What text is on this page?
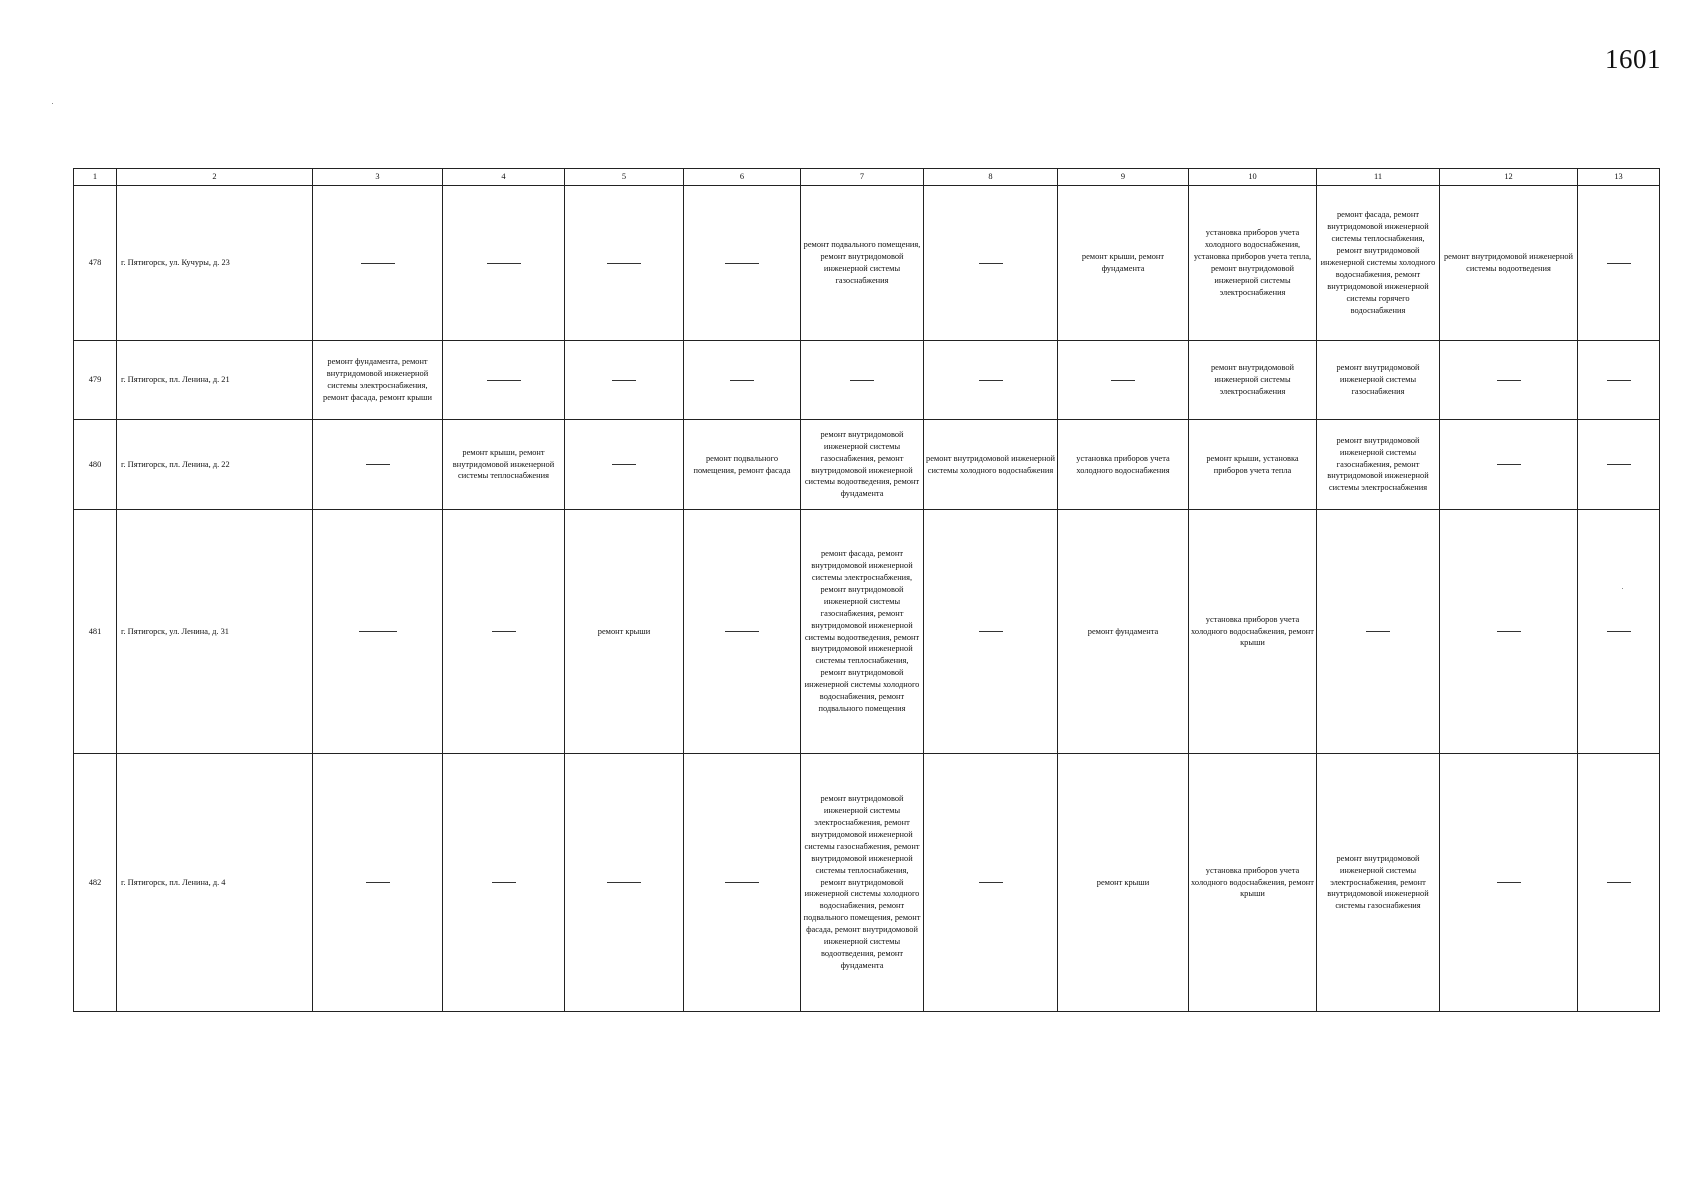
1601
1	2	3	4	5	6	7	8	9	10	11	12	13
478	г. Пятигорск, ул. Кучуры, д. 23					ремонт подвального помещения, ремонт внутридомовой инженерной системы газоснабжения		ремонт крыши, ремонт фундамента	установка приборов учета холодного водоснабжения, установка приборов учета тепла, ремонт внутридомовой инженерной системы электроснабжения	ремонт фасада, ремонт внутридомовой инженерной системы теплоснабжения, ремонт внутридомовой инженерной системы холодного водоснабжения, ремонт внутридомовой инженерной системы горячего водоснабжения	ремонт внутридомовой инженерной системы водоотведения	
479	г. Пятигорск, пл. Ленина, д. 21	ремонт фундамента, ремонт внутридомовой инженерной системы электроснабжения, ремонт фасада, ремонт крыши							ремонт внутридомовой инженерной системы электроснабжения	ремонт внутридомовой инженерной системы газоснабжения		
480	г. Пятигорск, пл. Ленина, д. 22		ремонт крыши, ремонт внутридомовой инженерной системы теплоснабжения		ремонт подвального помещения, ремонт фасада	ремонт внутридомовой инженерной системы газоснабжения, ремонт внутридомовой инженерной системы водоотведения, ремонт фундамента	ремонт внутридомовой инженерной системы холодного водоснабжения	установка приборов учета холодного водоснабжения	ремонт крыши, установка приборов учета тепла	ремонт внутридомовой инженерной системы газоснабжения, ремонт внутридомовой инженерной системы электроснабжения		
481	г. Пятигорск, ул. Ленина, д. 31			ремонт крыши		ремонт фасада, ремонт внутридомовой инженерной системы электроснабжения, ремонт внутридомовой инженерной системы газоснабжения, ремонт внутридомовой инженерной системы водоотведения, ремонт внутридомовой инженерной системы теплоснабжения, ремонт внутридомовой инженерной системы холодного водоснабжения, ремонт подвального помещения		ремонт фундамента	установка приборов учета холодного водоснабжения, ремонт крыши			
482	г. Пятигорск, пл. Ленина, д. 4					ремонт внутридомовой инженерной системы электроснабжения, ремонт внутридомовой инженерной системы газоснабжения, ремонт внутридомовой инженерной системы теплоснабжения, ремонт внутридомовой инженерной системы холодного водоснабжения, ремонт подвального помещения, ремонт фасада, ремонт внутридомовой инженерной системы водоотведения, ремонт фундамента		ремонт крыши	установка приборов учета холодного водоснабжения, ремонт крыши	ремонт внутридомовой инженерной системы электроснабжения, ремонт внутридомовой инженерной системы газоснабжения		
